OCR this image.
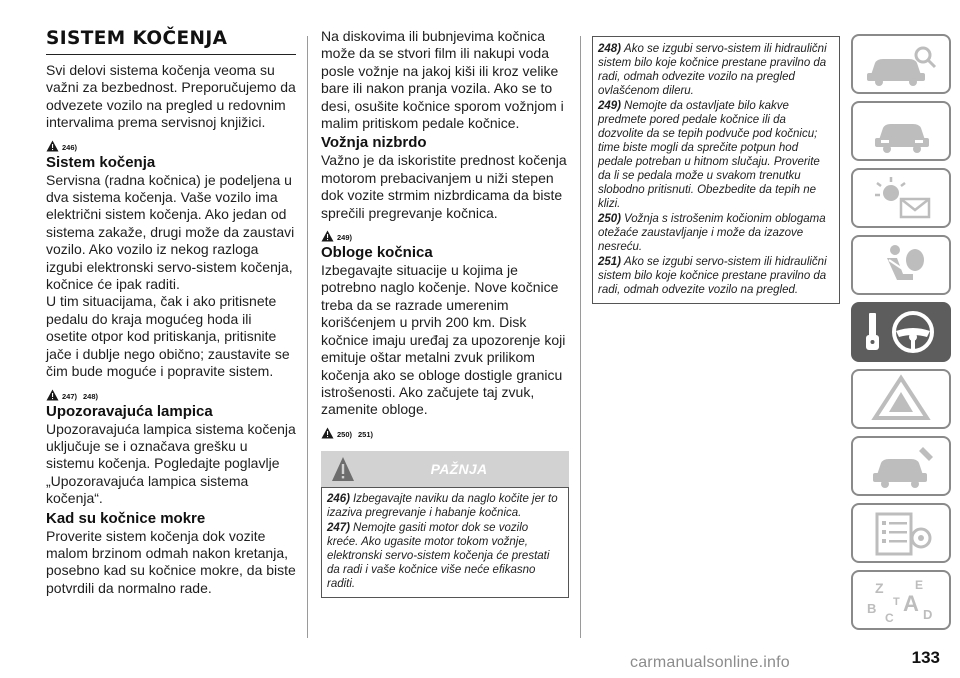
SISTEM KOČENJA

Svi delovi sistema kočenja veoma su važni za bezbednost. Preporučujemo da odvezete vozilo na pregled u redovnim intervalima prema servisnoj knjižici.

246)
Sistem kočenja

Servisna (radna kočnica) je podeljena u dva sistema kočenja. Vaše vozilo ima električni sistem kočenja. Ako jedan od sistema zakaže, drugi može da zaustavi vozilo. Ako vozilo iz nekog razloga izgubi elektronski servo-sistem kočenja, kočnice će ipak raditi.

U tim situacijama, čak i ako pritisnete pedalu do kraja mogućeg hoda ili osetite otpor kod pritiskanja, pritisnite jače i dublje nego obično; zaustavite se čim bude moguće i popravite sistem.

247) 248)
Upozoravajuća lampica

Upozoravajuća lampica sistema kočenja uključuje se i označava grešku u sistemu kočenja. Pogledajte poglavlje „Upozoravajuća lampica sistema kočenja“.

Kad su kočnice mokre

Proverite sistem kočenja dok vozite malom brzinom odmah nakon kretanja, posebno kad su kočnice mokre, da biste potvrdili da normalno rade.

Na diskovima ili bubnjevima kočnica može da se stvori film ili nakupi voda posle vožnje na jakoj kiši ili kroz velike bare ili nakon pranja vozila. Ako se to desi, osušite kočnice sporom vožnjom i malim pritiskom pedale kočnice.

Vožnja nizbrdo

Važno je da iskoristite prednost kočenja motorom prebacivanjem u niži stepen dok vozite strmim nizbrdicama da biste sprečili pregrevanje kočnica.

249)
Obloge kočnica

Izbegavajte situacije u kojima je potrebno naglo kočenje. Nove kočnice treba da se razrade umerenim korišćenjem u prvih 200 km. Disk kočnice imaju uređaj za upozorenje koji emituje oštar metalni zvuk prilikom kočenja ako se obloge dostigle granicu istrošenosti. Ako začujete taj zvuk, zamenite obloge.

250) 251)
PAŽNJA
246) Izbegavajte naviku da naglo kočite jer to izaziva pregrevanje i habanje kočnica.
247) Nemojte gasiti motor dok se vozilo kreće. Ako ugasite motor tokom vožnje, elektronski servo-sistem kočenja će prestati da radi i vaše kočnice više neće efikasno raditi.
248) Ako se izgubi servo-sistem ili hidraulični sistem bilo koje kočnice prestane pravilno da radi, odmah odvezite vozilo na pregled ovlašćenom dileru.
249) Nemojte da ostavljate bilo kakve predmete pored pedale kočnice ili da dozvolite da se tepih podvuče pod kočnicu; time biste mogli da sprečite potpun hod pedale potreban u hitnom slučaju. Proverite da li se pedala može u svakom trenutku slobodno pritisnuti. Obezbedite da tepih ne klizi.
250) Vožnja s istrošenim kočionim oblogama otežaće zaustavljanje i može da izazove nesreću.
251) Ako se izgubi servo-sistem ili hidraulični sistem bilo koje kočnice prestane pravilno da radi, odmah odvezite vozilo na pregled.
Z	E
B A
C
T
D
carmanualsonline.info	133
